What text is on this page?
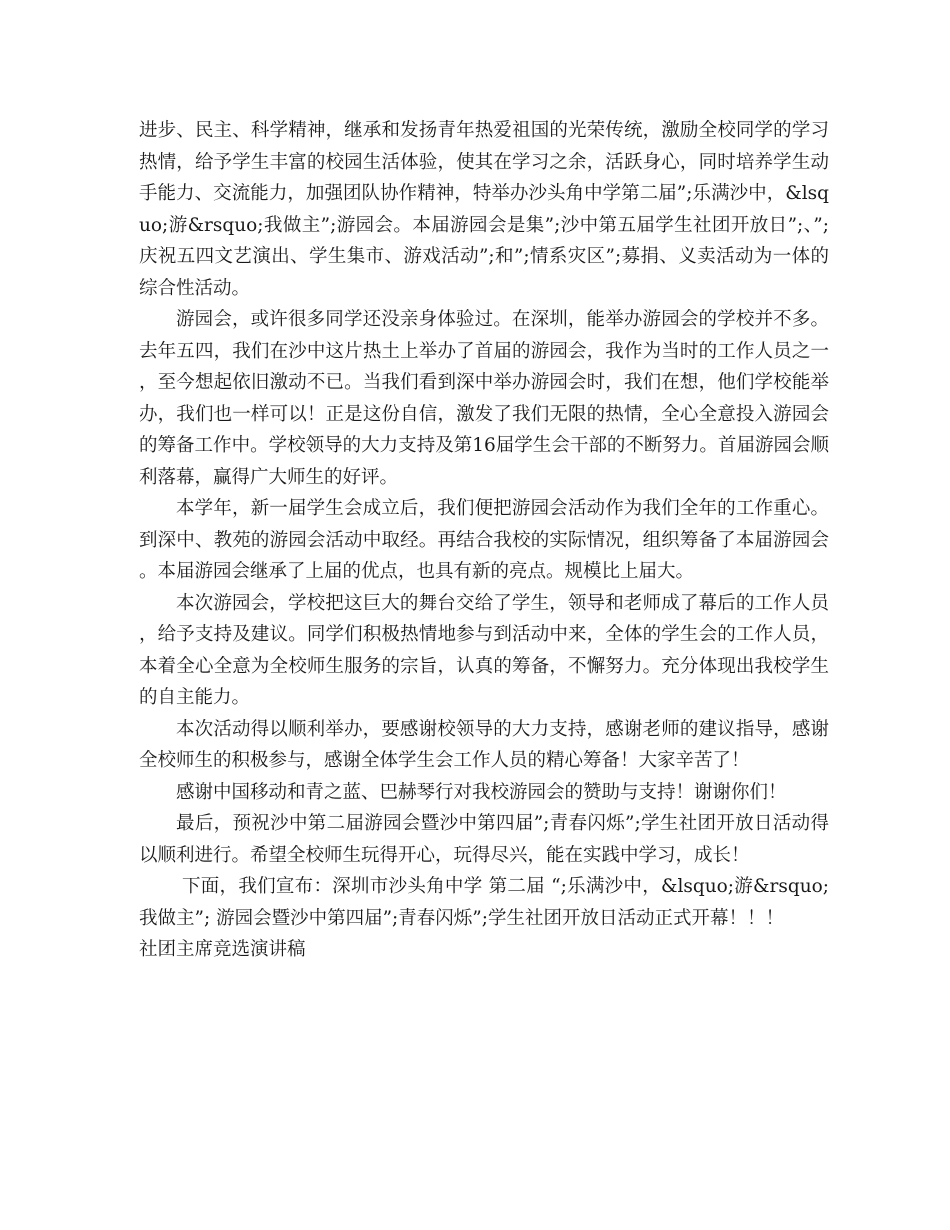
进步、民主、科学精神，继承和发扬青年热爱祖国的光荣传统，激励全校同学的学习热情，给予学生丰富的校园生活体验，使其在学习之余，活跃身心，同时培养学生动手能力、交流能力，加强团队协作精神，特举办沙头角中学第二届”;乐满沙中，&lsquo;游&rsquo;我做主”;游园会。本届游园会是集”;沙中第五届学生社团开放日”;、”;庆祝五四文艺演出、学生集市、游戏活动”;和”;情系灾区”;募捐、义卖活动为一体的综合性活动。

游园会，或许很多同学还没亲身体验过。在深圳，能举办游园会的学校并不多。去年五四，我们在沙中这片热土上举办了首届的游园会，我作为当时的工作人员之一，至今想起依旧激动不已。当我们看到深中举办游园会时，我们在想，他们学校能举办，我们也一样可以！正是这份自信，激发了我们无限的热情，全心全意投入游园会的筹备工作中。学校领导的大力支持及第16届学生会干部的不断努力。首届游园会顺利落幕，赢得广大师生的好评。

本学年，新一届学生会成立后，我们便把游园会活动作为我们全年的工作重心。到深中、教苑的游园会活动中取经。再结合我校的实际情况，组织筹备了本届游园会。本届游园会继承了上届的优点，也具有新的亮点。规模比上届大。

本次游园会，学校把这巨大的舞台交给了学生，领导和老师成了幕后的工作人员，给予支持及建议。同学们积极热情地参与到活动中来，全体的学生会的工作人员，本着全心全意为全校师生服务的宗旨，认真的筹备，不懈努力。充分体现出我校学生的自主能力。

本次活动得以顺利举办，要感谢校领导的大力支持，感谢老师的建议指导，感谢全校师生的积极参与，感谢全体学生会工作人员的精心筹备！大家辛苦了！

感谢中国移动和青之蓝、巴赫琴行对我校游园会的赞助与支持！谢谢你们！

最后，预祝沙中第二届游园会暨沙中第四届”;青春闪烁”;学生社团开放日活动得以顺利进行。希望全校师生玩得开心，玩得尽兴，能在实践中学习，成长！

下面，我们宣布：深圳市沙头角中学 第二届 “;乐满沙中，&lsquo;游&rsquo;我做主”; 游园会暨沙中第四届”;青春闪烁”;学生社团开放日活动正式开幕！！！

社团主席竞选演讲稿
